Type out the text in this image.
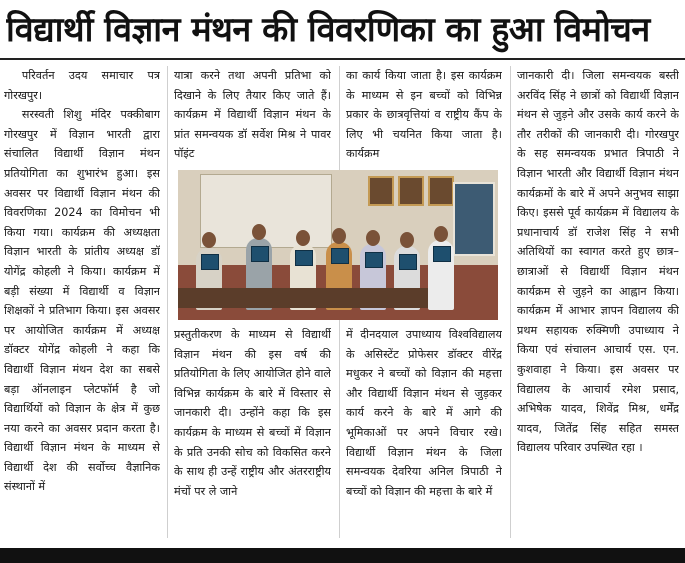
विद्यार्थी विज्ञान मंथन की विवरणिका का हुआ विमोचन

परिवर्तन उदय समाचार पत्र गोरखपुर।

सरस्वती शिशु मंदिर पक्कीबाग गोरखपुर में विज्ञान भारती द्वारा संचालित विद्यार्थी विज्ञान मंथन प्रतियोगिता का शुभारंभ हुआ। इस अवसर पर विद्यार्थी विज्ञान मंथन की विवरणिका 2024 का विमोचन भी किया गया। कार्यक्रम की अध्यक्षता विज्ञान भारती के प्रांतीय अध्यक्ष डॉ योगेंद्र कोहली ने किया। कार्यक्रम में बड़ी संख्या में विद्यार्थी व विज्ञान शिक्षकों ने प्रतिभाग किया। इस अवसर पर आयोजित कार्यक्रम में अध्यक्ष डॉक्टर योगेंद्र कोहली ने कहा कि विद्यार्थी विज्ञान मंथन देश का सबसे बड़ा ऑनलाइन प्लेटफॉर्म है जो विद्यार्थियों को विज्ञान के क्षेत्र में कुछ नया करने का अवसर प्रदान करता है। विद्यार्थी विज्ञान मंथन के माध्यम से विद्यार्थी देश की सर्वोच्च वैज्ञानिक संस्थानों में

यात्रा करने तथा अपनी प्रतिभा को दिखाने के लिए तैयार किए जाते हैं। कार्यक्रम में विद्यार्थी विज्ञान मंथन के प्रांत समन्वयक डॉ सर्वेश मिश्र ने पावर पॉइंट

का कार्य किया जाता है। इस कार्यक्रम के माध्यम से इन बच्चों को विभिन्न प्रकार के छात्रवृत्तियां व राष्ट्रीय कैंप के लिए भी चयनित किया जाता है। कार्यक्रम

प्रस्तुतीकरण के माध्यम से विद्यार्थी विज्ञान मंथन की इस वर्ष की प्रतियोगिता के लिए आयोजित होने वाले विभिन्न कार्यक्रम के बारे में विस्तार से जानकारी दी। उन्होंने कहा कि इस कार्यक्रम के माध्यम से बच्चों में विज्ञान के प्रति उनकी सोच को विकसित करने के साथ ही उन्हें राष्ट्रीय और अंतरराष्ट्रीय मंचों पर ले जाने

में दीनदयाल उपाध्याय विश्वविद्यालय के असिस्टेंट प्रोफेसर डॉक्टर वीरेंद्र मधुकर ने बच्चों को विज्ञान की महत्ता और विद्यार्थी विज्ञान मंथन से जुड़कर कार्य करने के बारे में आगे की भूमिकाओं पर अपने विचार रखे। विद्यार्थी विज्ञान मंथन के जिला समन्वयक देवरिया अनिल त्रिपाठी ने बच्चों को विज्ञान की महत्ता के बारे में

जानकारी दी। जिला समन्वयक बस्ती अरविंद सिंह ने छात्रों को विद्यार्थी विज्ञान मंथन से जुड़ने और उसके कार्य करने के तौर तरीकों की जानकारी दी। गोरखपुर के सह समन्वयक प्रभात त्रिपाठी ने विज्ञान भारती और विद्यार्थी विज्ञान मंथन कार्यक्रमों के बारे में अपने अनुभव साझा किए। इससे पूर्व कार्यक्रम में विद्यालय के प्रधानाचार्य डॉ राजेश सिंह ने सभी अतिथियों का स्वागत करते हुए छात्र–छात्राओं से विद्यार्थी विज्ञान मंथन कार्यक्रम से जुड़ने का आह्वान किया। कार्यक्रम में आभार ज्ञापन विद्यालय की प्रथम सहायक रुक्मिणी उपाध्याय ने किया एवं संचालन आचार्य एस. एन. कुशवाहा ने किया। इस अवसर पर विद्यालय के आचार्य रमेश प्रसाद, अभिषेक यादव, शिवेंद्र मिश्र, धर्मेंद्र यादव, जितेंद्र सिंह सहित समस्त विद्यालय परिवार उपस्थित रहा ।
